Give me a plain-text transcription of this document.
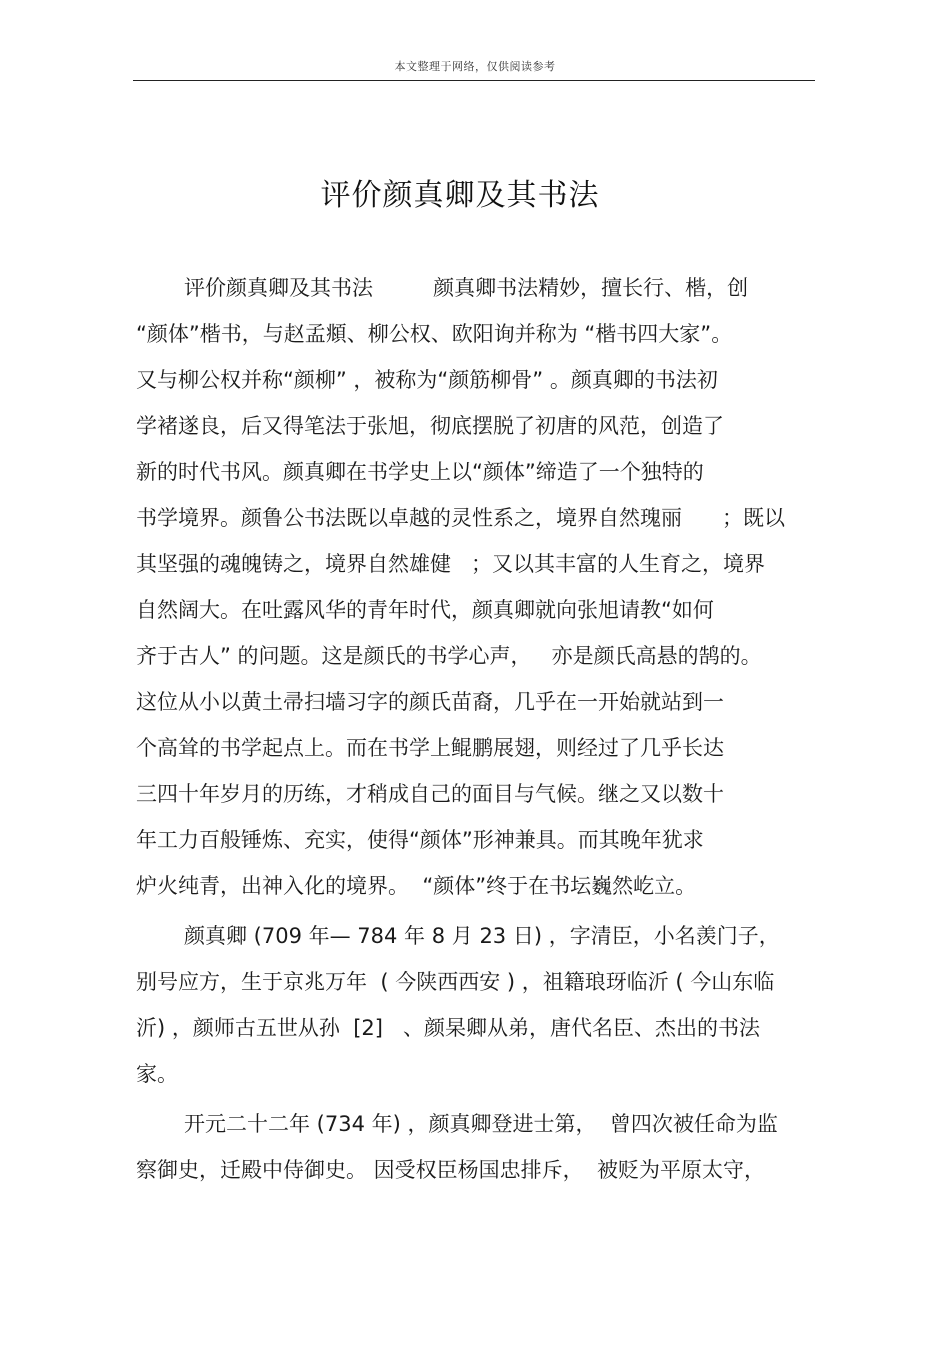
本文整理于网络，仅供阅读参考
评价颜真卿及其书法
评价颜真卿及其书法         颜真卿书法精妙，擅长行、楷，创
“颜体”楷书，与赵孟頫、柳公权、欧阳询并称为 “楷书四大家”。
又与柳公权并称“颜柳” ，被称为“颜筋柳骨” 。颜真卿的书法初
学褚遂良，后又得笔法于张旭，彻底摆脱了初唐的风范，创造了
新的时代书风。颜真卿在书学史上以“颜体”缔造了一个独特的
书学境界。颜鲁公书法既以卓越的灵性系之，境界自然瑰丽      ；既以
其坚强的魂魄铸之，境界自然雄健   ；又以其丰富的人生育之，境界
自然阔大。在吐露风华的青年时代，颜真卿就向张旭请教“如何
齐于古人” 的问题。这是颜氏的书学心声，   亦是颜氏高悬的鹄的。
这位从小以黄土帚扫墙习字的颜氏苗裔，几乎在一开始就站到一
个高耸的书学起点上。而在书学上鲲鹏展翅，则经过了几乎长达
三四十年岁月的历练，才稍成自己的面目与气候。继之又以数十
年工力百般锤炼、充实，使得“颜体”形神兼具。而其晚年犹求
炉火纯青，出神入化的境界。  “颜体”终于在书坛巍然屹立。
颜真卿 (709 年— 784 年 8 月 23 日) ，字清臣，小名羡门子，
别号应方，生于京兆万年  ( 今陕西西安 ) ，祖籍琅玡临沂 ( 今山东临
沂) ，颜师古五世从孙  [2]   、颜杲卿从弟，唐代名臣、杰出的书法
家。
开元二十二年 (734 年) ，颜真卿登进士第，  曾四次被任命为监
察御史，迁殿中侍御史。 因受权臣杨国忠排斥，  被贬为平原太守，
